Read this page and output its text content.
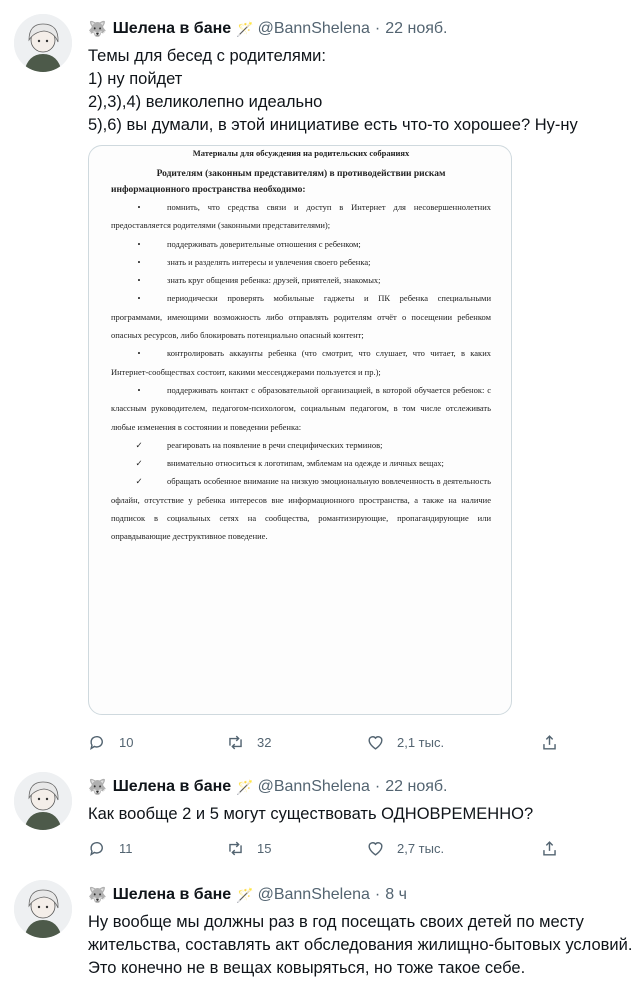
🐺 Шелена в бане 🪄 @BannShelena · 22 нояб.

Темы для бесед с родителями:

1) ну пойдет

2),3),4) великолепно идеально

5),6) вы думали, в этой инициативе есть что-то хорошее? Ну-ну

Материалы для обсуждения на родительских собраниях
Родителям (законным представителям) в противодействии рискам
информационного пространства необходимо:
•	помнить, что средства связи и доступ в Интернет для несовершеннолетних предоставляется родителями (законными представителями);
•	поддерживать доверительные отношения с ребенком;
•	знать и разделять интересы и увлечения своего ребенка;
•	знать круг общения ребенка: друзей, приятелей, знакомых;
•	периодически проверять мобильные гаджеты и ПК ребенка специальными программами, имеющими возможность либо отправлять родителям отчёт о посещении ребенком опасных ресурсов, либо блокировать потенциально опасный контент;
•	контролировать аккаунты ребенка (что смотрит, что слушает, что читает, в каких Интернет-сообществах состоит, какими мессенджерами пользуется и пр.);
•	поддерживать контакт с образовательной организацией, в которой обучается ребенок: с классным руководителем, педагогом-психологом, социальным педагогом, в том числе отслеживать любые изменения в состоянии и поведении ребенка:
✓	реагировать на появление в речи специфических терминов;
✓	внимательно относиться к логотипам, эмблемам на одежде и личных вещах;
✓	обращать особенное внимание на низкую эмоциональную вовлеченность в деятельность офлайн, отсутствие у ребенка интересов вне информационного пространства, а также на наличие подписок в социальных сетях на сообщества, романтизирующие, пропагандирующие или оправдывающие деструктивное поведение.
10	32	2,1 тыс.
🐺 Шелена в бане 🪄 @BannShelena · 22 нояб.

Как вообще 2 и 5 могут существовать ОДНОВРЕМЕННО?

11	15	2,7 тыс.
🐺 Шелена в бане 🪄 @BannShelena · 8 ч

Ну вообще мы должны раз в год посещать своих детей по месту

жительства, составлять акт обследования жилищно-бытовых условий.

Это конечно не в вещах ковыряться, но тоже такое себе.
